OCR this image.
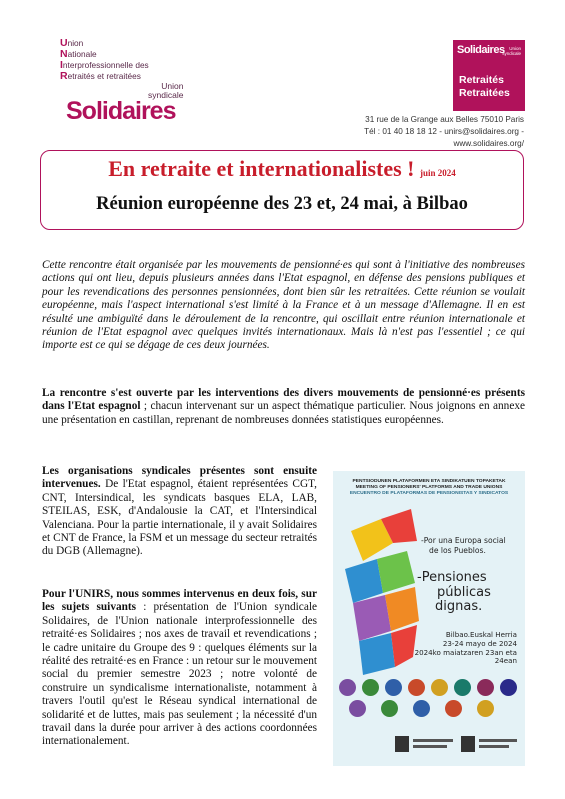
Union
Nationale
Interprofessionnelle des
Retraités et retraitées
Union
syndicale
Solidaires
Solidaires	Union
syndicale
Retraités
Retraitées
31 rue de la Grange aux Belles 75010 Paris
Tél : 01 40 18 18 12 - unirs@solidaires.org - www.solidaires.org/
En retraite et internationalistes ! juin 2024
Réunion européenne des 23 et, 24 mai, à Bilbao

Cette rencontre était organisée par les mouvements de pensionné·es qui sont à l'initiative des nombreuses actions qui ont lieu, depuis plusieurs années dans l'Etat espagnol, en défense des pensions publiques et pour les revendications des personnes pensionnées, dont bien sûr les retraitées. Cette réunion se voulait européenne, mais l'aspect international s'est limité à la France et à un message d'Allemagne. Il en est résulté une ambiguïté dans le déroulement de la rencontre, qui oscillait entre réunion internationale et réunion de l'Etat espagnol avec quelques invités internationaux. Mais là n'est pas l'essentiel ; ce qui importe est ce qui se dégage de ces deux journées.

La rencontre s'est ouverte par les interventions des divers mouvements de pensionné·es présents dans l'Etat espagnol ; chacun intervenant sur un aspect thématique particulier. Nous joignons en annexe une présentation en castillan, reprenant de nombreuses données statistiques européennes.

Les organisations syndicales présentes sont ensuite intervenues. De l'Etat espagnol, étaient représentées CGT, CNT, Intersindical, les syndicats basques ELA, LAB, STEILAS, ESK, d'Andalousie la CAT, et l'Intersindical Valenciana. Pour la partie internationale, il y avait Solidaires et CNT de France, la FSM et un message du secteur retraités du DGB (Allemagne).

Pour l'UNIRS, nous sommes intervenus en deux fois, sur les sujets suivants : présentation de l'Union syndicale Solidaires, de l'Union nationale interprofessionnelle des retraité·es Solidaires ; nos axes de travail et revendications ; le cadre unitaire du Groupe des 9 : quelques éléments sur la réalité des retraité·es en France : un retour sur le mouvement social du premier semestre 2023 ; notre volonté de construire un syndicalisme internationaliste, notamment à travers l'outil qu'est le Réseau syndical international de solidarité et de luttes, mais pas seulement ; la nécessité d'un travail dans la durée pour arriver à des actions coordonnées internationalement.

PENTSIODUNEN PLATAFORMEN ETA SINDIKATUEN TOPAKETAK
MEETING OF PENSIONERS' PLATFORMS AND TRADE UNIONS
ENCUENTRO DE PLATAFORMAS DE PENSIONISTAS Y SINDICATOS
-Por una Europa social
de los Pueblos.
-Pensiones
públicas
dignas.
Bilbao.Euskal Herria
23-24 mayo de 2024
2024ko maiatzaren 23an eta 24ean
